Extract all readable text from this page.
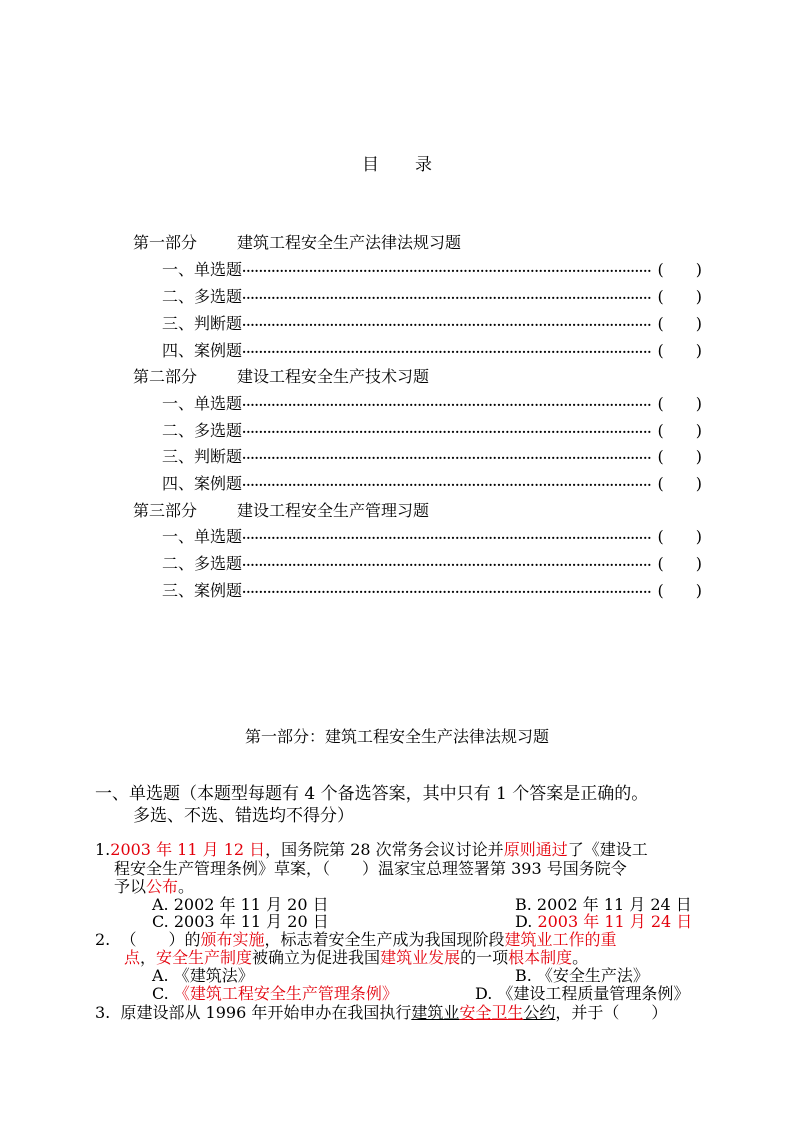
目 录
第一部分 建筑工程安全生产法律法规习题
一、单选题 ·································································································· (　　)
二、多选题 ·································································································· (　　)
三、判断题 ·································································································· (　　)
四、案例题 ·································································································· (　　)
第二部分 建设工程安全生产技术习题
一、单选题 ·································································································· (　　)
二、多选题 ·································································································· (　　)
三、判断题 ·································································································· (　　)
四、案例题 ·································································································· (　　)
第三部分 建设工程安全生产管理习题
一、单选题 ·································································································· (　　)
二、多选题 ·································································································· (　　)
三、案例题 ·································································································· (　　)
第一部分：建筑工程安全生产法律法规习题
一、单选题（本题型每题有 4 个备选答案，其中只有 1 个答案是正确的。
多选、不选、错选均不得分）
1.2003 年 11 月 12 日，国务院第 28 次常务会议讨论并原则通过了《建设工
程安全生产管理条例》草案，（　　）温家宝总理签署第 393 号国务院令
予以公布。
A. 2002 年 11 月 20 日	B. 2002 年 11 月 24 日
C. 2003 年 11 月 20 日	D. 2003 年 11 月 24 日
2. （　　）的颁布实施，标志着安全生产成为我国现阶段建筑业工作的重
点，安全生产制度被确立为促进我国建筑业发展的一项根本制度。
A. 《建筑法》	B. 《安全生产法》
C. 《建筑工程安全生产管理条例》	D. 《建设工程质量管理条例》
3. 原建设部从 1996 年开始申办在我国执行建筑业安全卫生公约，并于（　　）
